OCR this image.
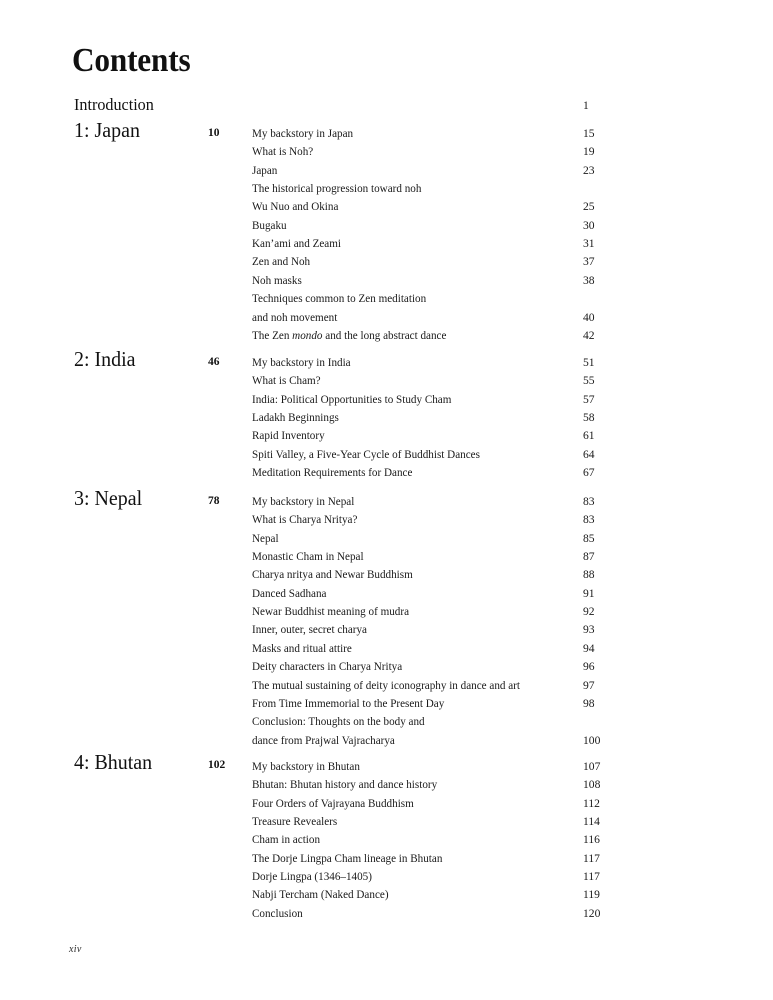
Contents
Introduction	1
1: Japan	10	My backstory in Japan	15
What is Noh?	19
Japan	23
The historical progression toward noh
Wu Nuo and Okina	25
Bugaku	30
Kan’ami and Zeami	31
Zen and Noh	37
Noh masks	38
Techniques common to Zen meditation
and noh movement	40
The Zen mondo and the long abstract dance	42
2: India	46	My backstory in India	51
What is Cham?	55
India: Political Opportunities to Study Cham	57
Ladakh Beginnings	58
Rapid Inventory	61
Spiti Valley, a Five-Year Cycle of Buddhist Dances	64
Meditation Requirements for Dance	67
3: Nepal	78	My backstory in Nepal	83
What is Charya Nritya?	83
Nepal	85
Monastic Cham in Nepal	87
Charya nritya and Newar Buddhism	88
Danced Sadhana	91
Newar Buddhist meaning of mudra	92
Inner, outer, secret charya	93
Masks and ritual attire	94
Deity characters in Charya Nritya	96
The mutual sustaining of deity iconography in dance and art	97
From Time Immemorial to the Present Day	98
Conclusion: Thoughts on the body and
dance from Prajwal Vajracharya	100
4: Bhutan	102 My backstory in Bhutan	107
Bhutan: Bhutan history and dance history	108
Four Orders of Vajrayana Buddhism	112
Treasure Revealers	114
Cham in action	116
The Dorje Lingpa Cham lineage in Bhutan	117
Dorje Lingpa (1346–1405)	117
Nabji Tercham (Naked Dance)	119
Conclusion	120
xiv
